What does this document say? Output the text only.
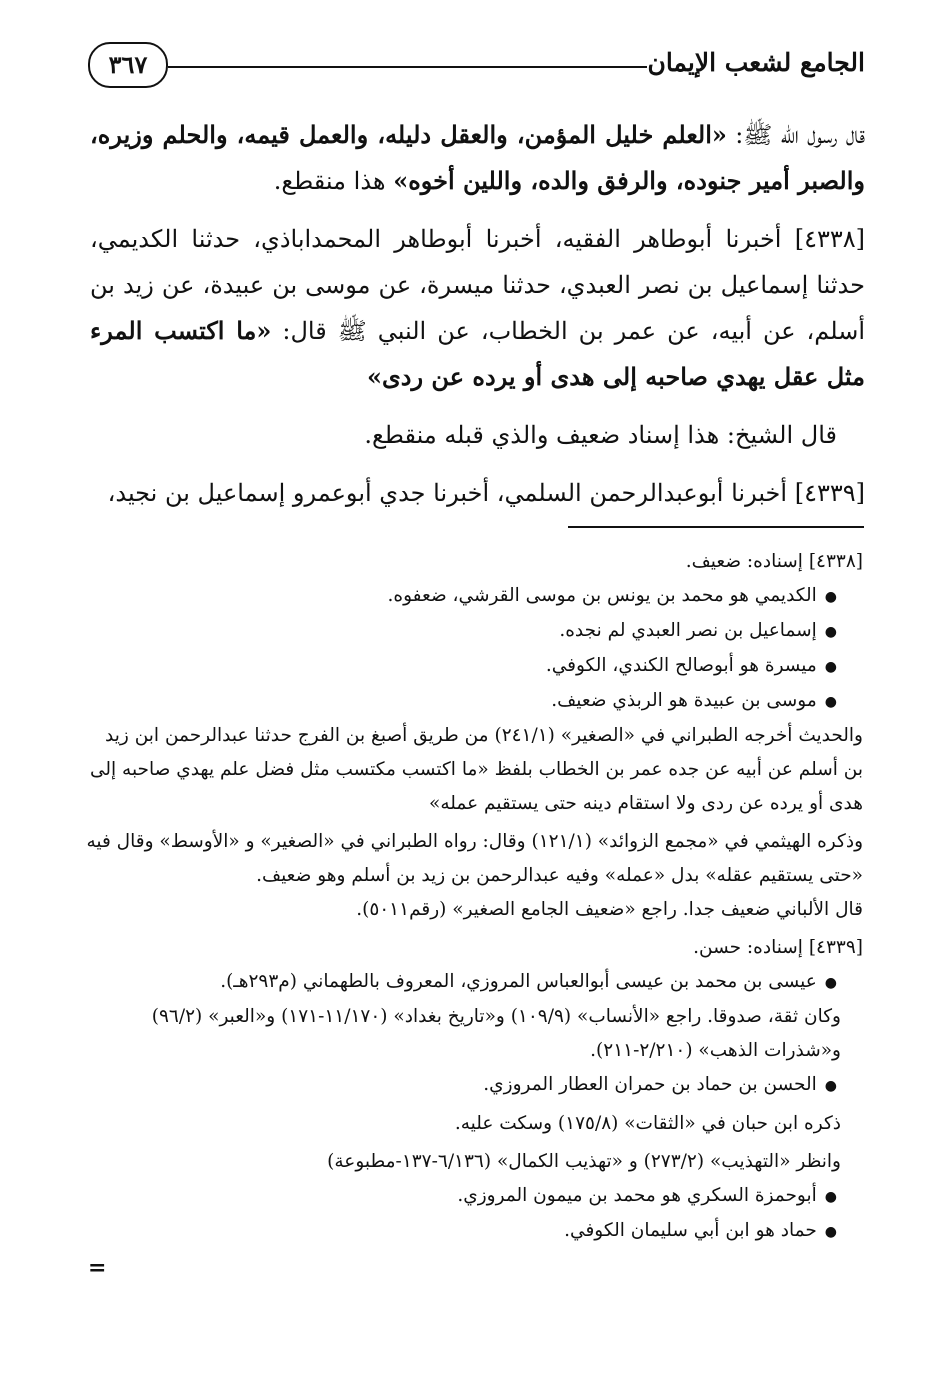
الجامع لشعب الإيمان
٣٦٧

قال رسول الله ﷺ: «العلم خليل المؤمن، والعقل دليله، والعمل قيمه، والحلم وزيره، والصبر أمير جنوده، والرفق والده، واللين أخوه» هذا منقطع.

[٤٣٣٨] أخبرنا أبوطاهر الفقيه، أخبرنا أبوطاهر المحمداباذي، حدثنا الكديمي، حدثنا إسماعيل بن نصر العبدي، حدثنا ميسرة، عن موسى بن عبيدة، عن زيد بن أسلم، عن أبيه، عن عمر بن الخطاب، عن النبي ﷺ قال: «ما اكتسب المرء مثل عقل يهدي صاحبه إلى هدى أو يرده عن ردى»

قال الشيخ: هذا إسناد ضعيف والذي قبله منقطع.

[٤٣٣٩] أخبرنا أبوعبدالرحمن السلمي، أخبرنا جدي أبوعمرو إسماعيل بن نجيد،

[٤٣٣٨] إسناده: ضعيف.

● الكديمي هو محمد بن يونس بن موسى القرشي، ضعفوه.

● إسماعيل بن نصر العبدي لم نجده.

● ميسرة هو أبوصالح الكندي، الكوفي.

● موسى بن عبيدة هو الربذي ضعيف.

والحديث أخرجه الطبراني في «الصغير» (٢٤١/١) من طريق أصبغ بن الفرج حدثنا عبدالرحمن ابن زيد بن أسلم عن أبيه عن جده عمر بن الخطاب بلفظ «ما اكتسب مكتسب مثل فضل علم يهدي صاحبه إلى هدى أو يرده عن ردى ولا استقام دينه حتى يستقيم عمله»

وذكره الهيثمي في «مجمع الزوائد» (١٢١/١) وقال: رواه الطبراني في «الصغير» و «الأوسط» وقال فيه «حتى يستقيم عقله» بدل «عمله» وفيه عبدالرحمن بن زيد بن أسلم وهو ضعيف.

قال الألباني ضعيف جدا. راجع «ضعيف الجامع الصغير» (رقم٥٠١١).

[٤٣٣٩] إسناده: حسن.

● عيسى بن محمد بن عيسى أبوالعباس المروزي، المعروف بالطهماني (م٢٩٣هـ).

وكان ثقة، صدوقا. راجع «الأنساب» (١٠٩/٩) و«تاريخ بغداد» (١١/١٧٠-١٧١) و«العبر» (٩٦/٢) و«شذرات الذهب» (٢/٢١٠-٢١١).

● الحسن بن حماد بن حمران العطار المروزي.

ذكره ابن حبان في «الثقات» (١٧٥/٨) وسكت عليه.

وانظر «التهذيب» (٢٧٣/٢) و «تهذيب الكمال» (٦/١٣٦-١٣٧-مطبوعة)

● أبوحمزة السكري هو محمد بن ميمون المروزي.

● حماد هو ابن أبي سليمان الكوفي.

=
